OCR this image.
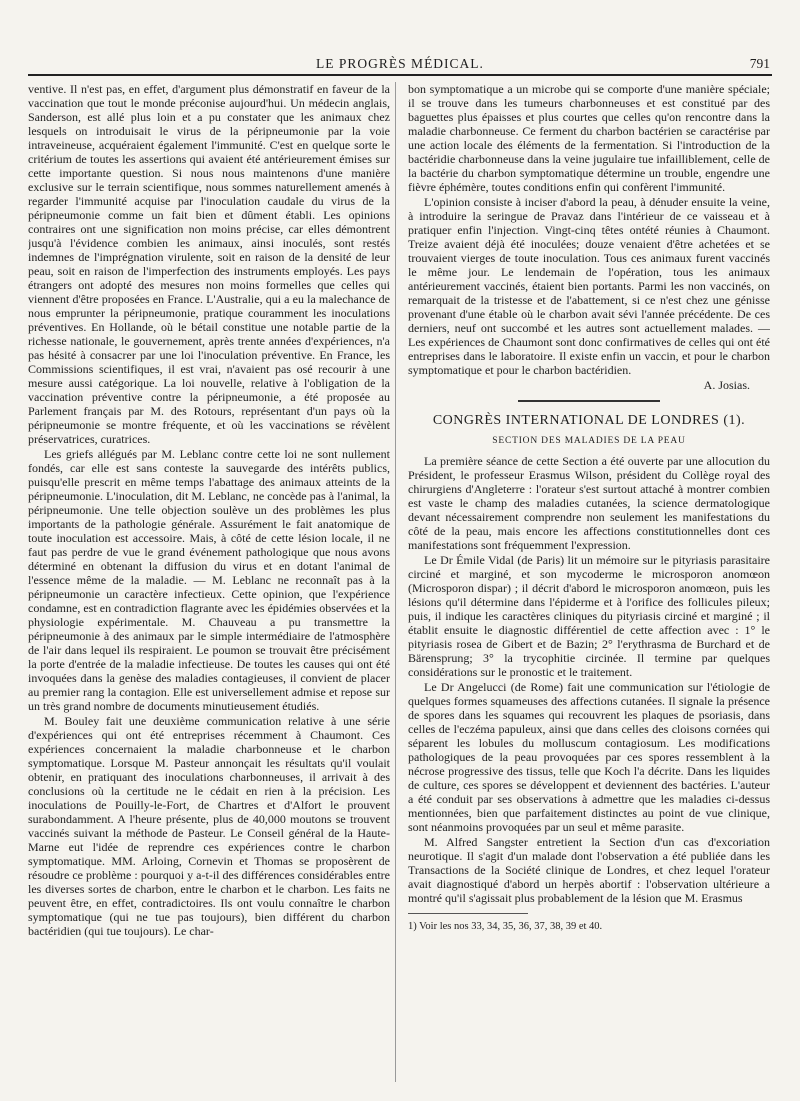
LE PROGRÈS MÉDICAL.	791

ventive. Il n'est pas, en effet, d'argument plus démonstratif en faveur de la vaccination que tout le monde préconise aujourd'hui. Un médecin anglais, Sanderson, est allé plus loin et a pu constater que les animaux chez lesquels on introduisait le virus de la péripneumonie par la voie intraveineuse, acquéraient également l'immunité. C'est en quelque sorte le critérium de toutes les assertions qui avaient été antérieurement émises sur cette importante question. Si nous nous maintenons d'une manière exclusive sur le terrain scientifique, nous sommes naturellement amenés à regarder l'immunité acquise par l'inoculation caudale du virus de la péripneumonie comme un fait bien et dûment établi. Les opinions contraires ont une signification non moins précise, car elles démontrent jusqu'à l'évidence combien les animaux, ainsi inoculés, sont restés indemnes de l'imprégnation virulente, soit en raison de la densité de leur peau, soit en raison de l'imperfection des instruments employés. Les pays étrangers ont adopté des mesures non moins formelles que celles qui viennent d'être proposées en France. L'Australie, qui a eu la malechance de nous emprunter la péripneumonie, pratique couramment les inoculations préventives. En Hollande, où le bétail constitue une notable partie de la richesse nationale, le gouvernement, après trente années d'expériences, n'a pas hésité à consacrer par une loi l'inoculation préventive. En France, les Commissions scientifiques, il est vrai, n'avaient pas osé recourir à une mesure aussi catégorique. La loi nouvelle, relative à l'obligation de la vaccination préventive contre la péripneumonie, a été proposée au Parlement français par M. des Rotours, représentant d'un pays où la péripneumonie se montre fréquente, et où les vaccinations se révèlent préservatrices, curatrices.

Les griefs allégués par M. Leblanc contre cette loi ne sont nullement fondés, car elle est sans conteste la sauvegarde des intérêts publics, puisqu'elle prescrit en même temps l'abattage des animaux atteints de la péripneumonie. L'inoculation, dit M. Leblanc, ne concède pas à l'animal, la péripneumonie. Une telle objection soulève un des problèmes les plus importants de la pathologie générale. Assurément le fait anatomique de toute inoculation est accessoire. Mais, à côté de cette lésion locale, il ne faut pas perdre de vue le grand événement pathologique que nous avons déterminé en obtenant la diffusion du virus et en dotant l'animal de l'essence même de la maladie. — M. Leblanc ne reconnaît pas à la péripneumonie un caractère infectieux. Cette opinion, que l'expérience condamne, est en contradiction flagrante avec les épidémies observées et la physiologie expérimentale. M. Chauveau a pu transmettre la péripneumonie à des animaux par le simple intermédiaire de l'atmosphère de l'air dans lequel ils respiraient. Le poumon se trouvait être précisément la porte d'entrée de la maladie infectieuse. De toutes les causes qui ont été invoquées dans la genèse des maladies contagieuses, il convient de placer au premier rang la contagion. Elle est universellement admise et repose sur un très grand nombre de documents minutieusement étudiés.

M. Bouley fait une deuxième communication relative à une série d'expériences qui ont été entreprises récemment à Chaumont. Ces expériences concernaient la maladie charbonneuse et le charbon symptomatique. Lorsque M. Pasteur annonçait les résultats qu'il voulait obtenir, en pratiquant des inoculations charbonneuses, il arrivait à des conclusions où la certitude ne le cédait en rien à la précision. Les inoculations de Pouilly-le-Fort, de Chartres et d'Alfort le prouvent surabondamment. A l'heure présente, plus de 40,000 moutons se trouvent vaccinés suivant la méthode de Pasteur. Le Conseil général de la Haute-Marne eut l'idée de reprendre ces expériences contre le charbon symptomatique. MM. Arloing, Cornevin et Thomas se proposèrent de résoudre ce problème : pourquoi y a-t-il des différences considérables entre les diverses sortes de charbon, entre le charbon et le charbon. Les faits ne peuvent être, en effet, contradictoires. Ils ont voulu connaître le charbon symptomatique (qui ne tue pas toujours), bien différent du charbon bactéridien (qui tue toujours). Le char-

bon symptomatique a un microbe qui se comporte d'une manière spéciale; il se trouve dans les tumeurs charbonneuses et est constitué par des baguettes plus épaisses et plus courtes que celles qu'on rencontre dans la maladie charbonneuse. Ce ferment du charbon bactérien se caractérise par une action locale des éléments de la fermentation. Si l'introduction de la bactéridie charbonneuse dans la veine jugulaire tue infailliblement, celle de la bactérie du charbon symptomatique détermine un trouble, engendre une fièvre éphémère, toutes conditions enfin qui confèrent l'immunité.

L'opinion consiste à inciser d'abord la peau, à dénuder ensuite la veine, à introduire la seringue de Pravaz dans l'intérieur de ce vaisseau et à pratiquer enfin l'injection. Vingt-cinq têtes ontété réunies à Chaumont. Treize avaient déjà été inoculées; douze venaient d'être achetées et se trouvaient vierges de toute inoculation. Tous ces animaux furent vaccinés le même jour. Le lendemain de l'opération, tous les animaux antérieurement vaccinés, étaient bien portants. Parmi les non vaccinés, on remarquait de la tristesse et de l'abattement, si ce n'est chez une génisse provenant d'une étable où le charbon avait sévi l'année précédente. De ces derniers, neuf ont succombé et les autres sont actuellement malades. — Les expériences de Chaumont sont donc confirmatives de celles qui ont été entreprises dans le laboratoire. Il existe enfin un vaccin, et pour le charbon symptomatique et pour le charbon bactéridien.

A. Josias.
CONGRÈS INTERNATIONAL DE LONDRES (1).
SECTION DES MALADIES DE LA PEAU

La première séance de cette Section a été ouverte par une allocution du Président, le professeur Erasmus Wilson, président du Collège royal des chirurgiens d'Angleterre : l'orateur s'est surtout attaché à montrer combien est vaste le champ des maladies cutanées, la science dermatologique devant nécessairement comprendre non seulement les manifestations du côté de la peau, mais encore les affections constitutionnelles dont ces manifestations sont fréquemment l'expression.

Le Dr Émile Vidal (de Paris) lit un mémoire sur le pityriasis parasitaire circiné et marginé, et son mycoderme le microsporon anomœon (Microsporon dispar) ; il décrit d'abord le microsporon anomœon, puis les lésions qu'il détermine dans l'épiderme et à l'orifice des follicules pileux; puis, il indique les caractères cliniques du pityriasis circiné et marginé ; il établit ensuite le diagnostic différentiel de cette affection avec : 1° le pityriasis rosea de Gibert et de Bazin; 2° l'erythrasma de Burchard et de Bärensprung; 3° la trycophitie circinée. Il termine par quelques considérations sur le pronostic et le traitement.

Le Dr Angelucci (de Rome) fait une communication sur l'étiologie de quelques formes squameuses des affections cutanées. Il signale la présence de spores dans les squames qui recouvrent les plaques de psoriasis, dans celles de l'eczéma papuleux, ainsi que dans celles des cloisons cornées qui séparent les lobules du molluscum contagiosum. Les modifications pathologiques de la peau provoquées par ces spores ressemblent à la nécrose progressive des tissus, telle que Koch l'a décrite. Dans les liquides de culture, ces spores se développent et deviennent des bactéries. L'auteur a été conduit par ses observations à admettre que les maladies ci-dessus mentionnées, bien que parfaitement distinctes au point de vue clinique, sont néanmoins provoquées par un seul et même parasite.

M. Alfred Sangster entretient la Section d'un cas d'excoriation neurotique. Il s'agit d'un malade dont l'observation a été publiée dans les Transactions de la Société clinique de Londres, et chez lequel l'orateur avait diagnostiqué d'abord un herpès abortif : l'observation ultérieure a montré qu'il s'agissait plus probablement de la lésion que M. Erasmus

1) Voir les nos 33, 34, 35, 36, 37, 38, 39 et 40.
